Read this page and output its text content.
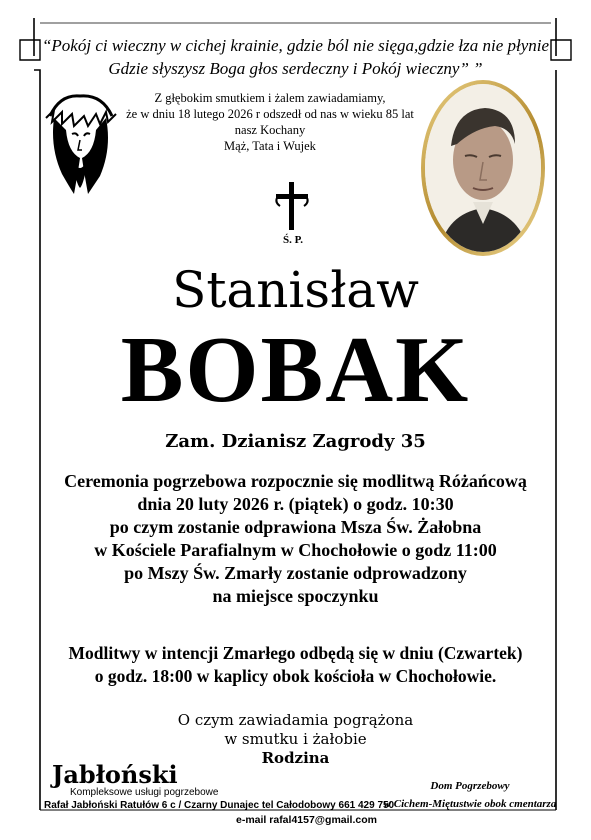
“Pokój ci wieczny w cichej krainie, gdzie ból nie sięga,gdzie łza nie płynie
Gdzie słyszysz Boga głos serdeczny i Pokój wieczny” ”
Z głębokim smutkiem i żalem zawiadamiamy,
że w dniu 18 lutego 2026 r odszedł od nas w wieku 85 lat
nasz Kochany
Mąż, Tata i Wujek
Ś. P.
Stanisław
BOBAK
Zam. Dzianisz Zagrody 35
Ceremonia pogrzebowa rozpocznie się modlitwą Różańcową
dnia 20 luty 2026 r. (piątek) o godz. 10:30
po czym zostanie odprawiona Msza Św. Żałobna
w Kościele Parafialnym w Chochołowie o godz 11:00
po Mszy Św. Zmarły zostanie odprowadzony
na miejsce spoczynku
Modlitwy w intencji Zmarłego odbędą się w dniu (Czwartek)
o godz. 18:00 w kaplicy obok kościoła w Chochołowie.
O czym zawiadamia pogrążona
w smutku i żałobie
Rodzina
Jabłoński
Kompleksowe usługi pogrzebowe
Rafał Jabłoński Ratułów 6 c / Czarny Dunajec tel Całodobowy 661 429 750
e-mail rafal4157@gmail.com
Dom Pogrzebowy
w Cichem-Miętustwie obok cmentarza
